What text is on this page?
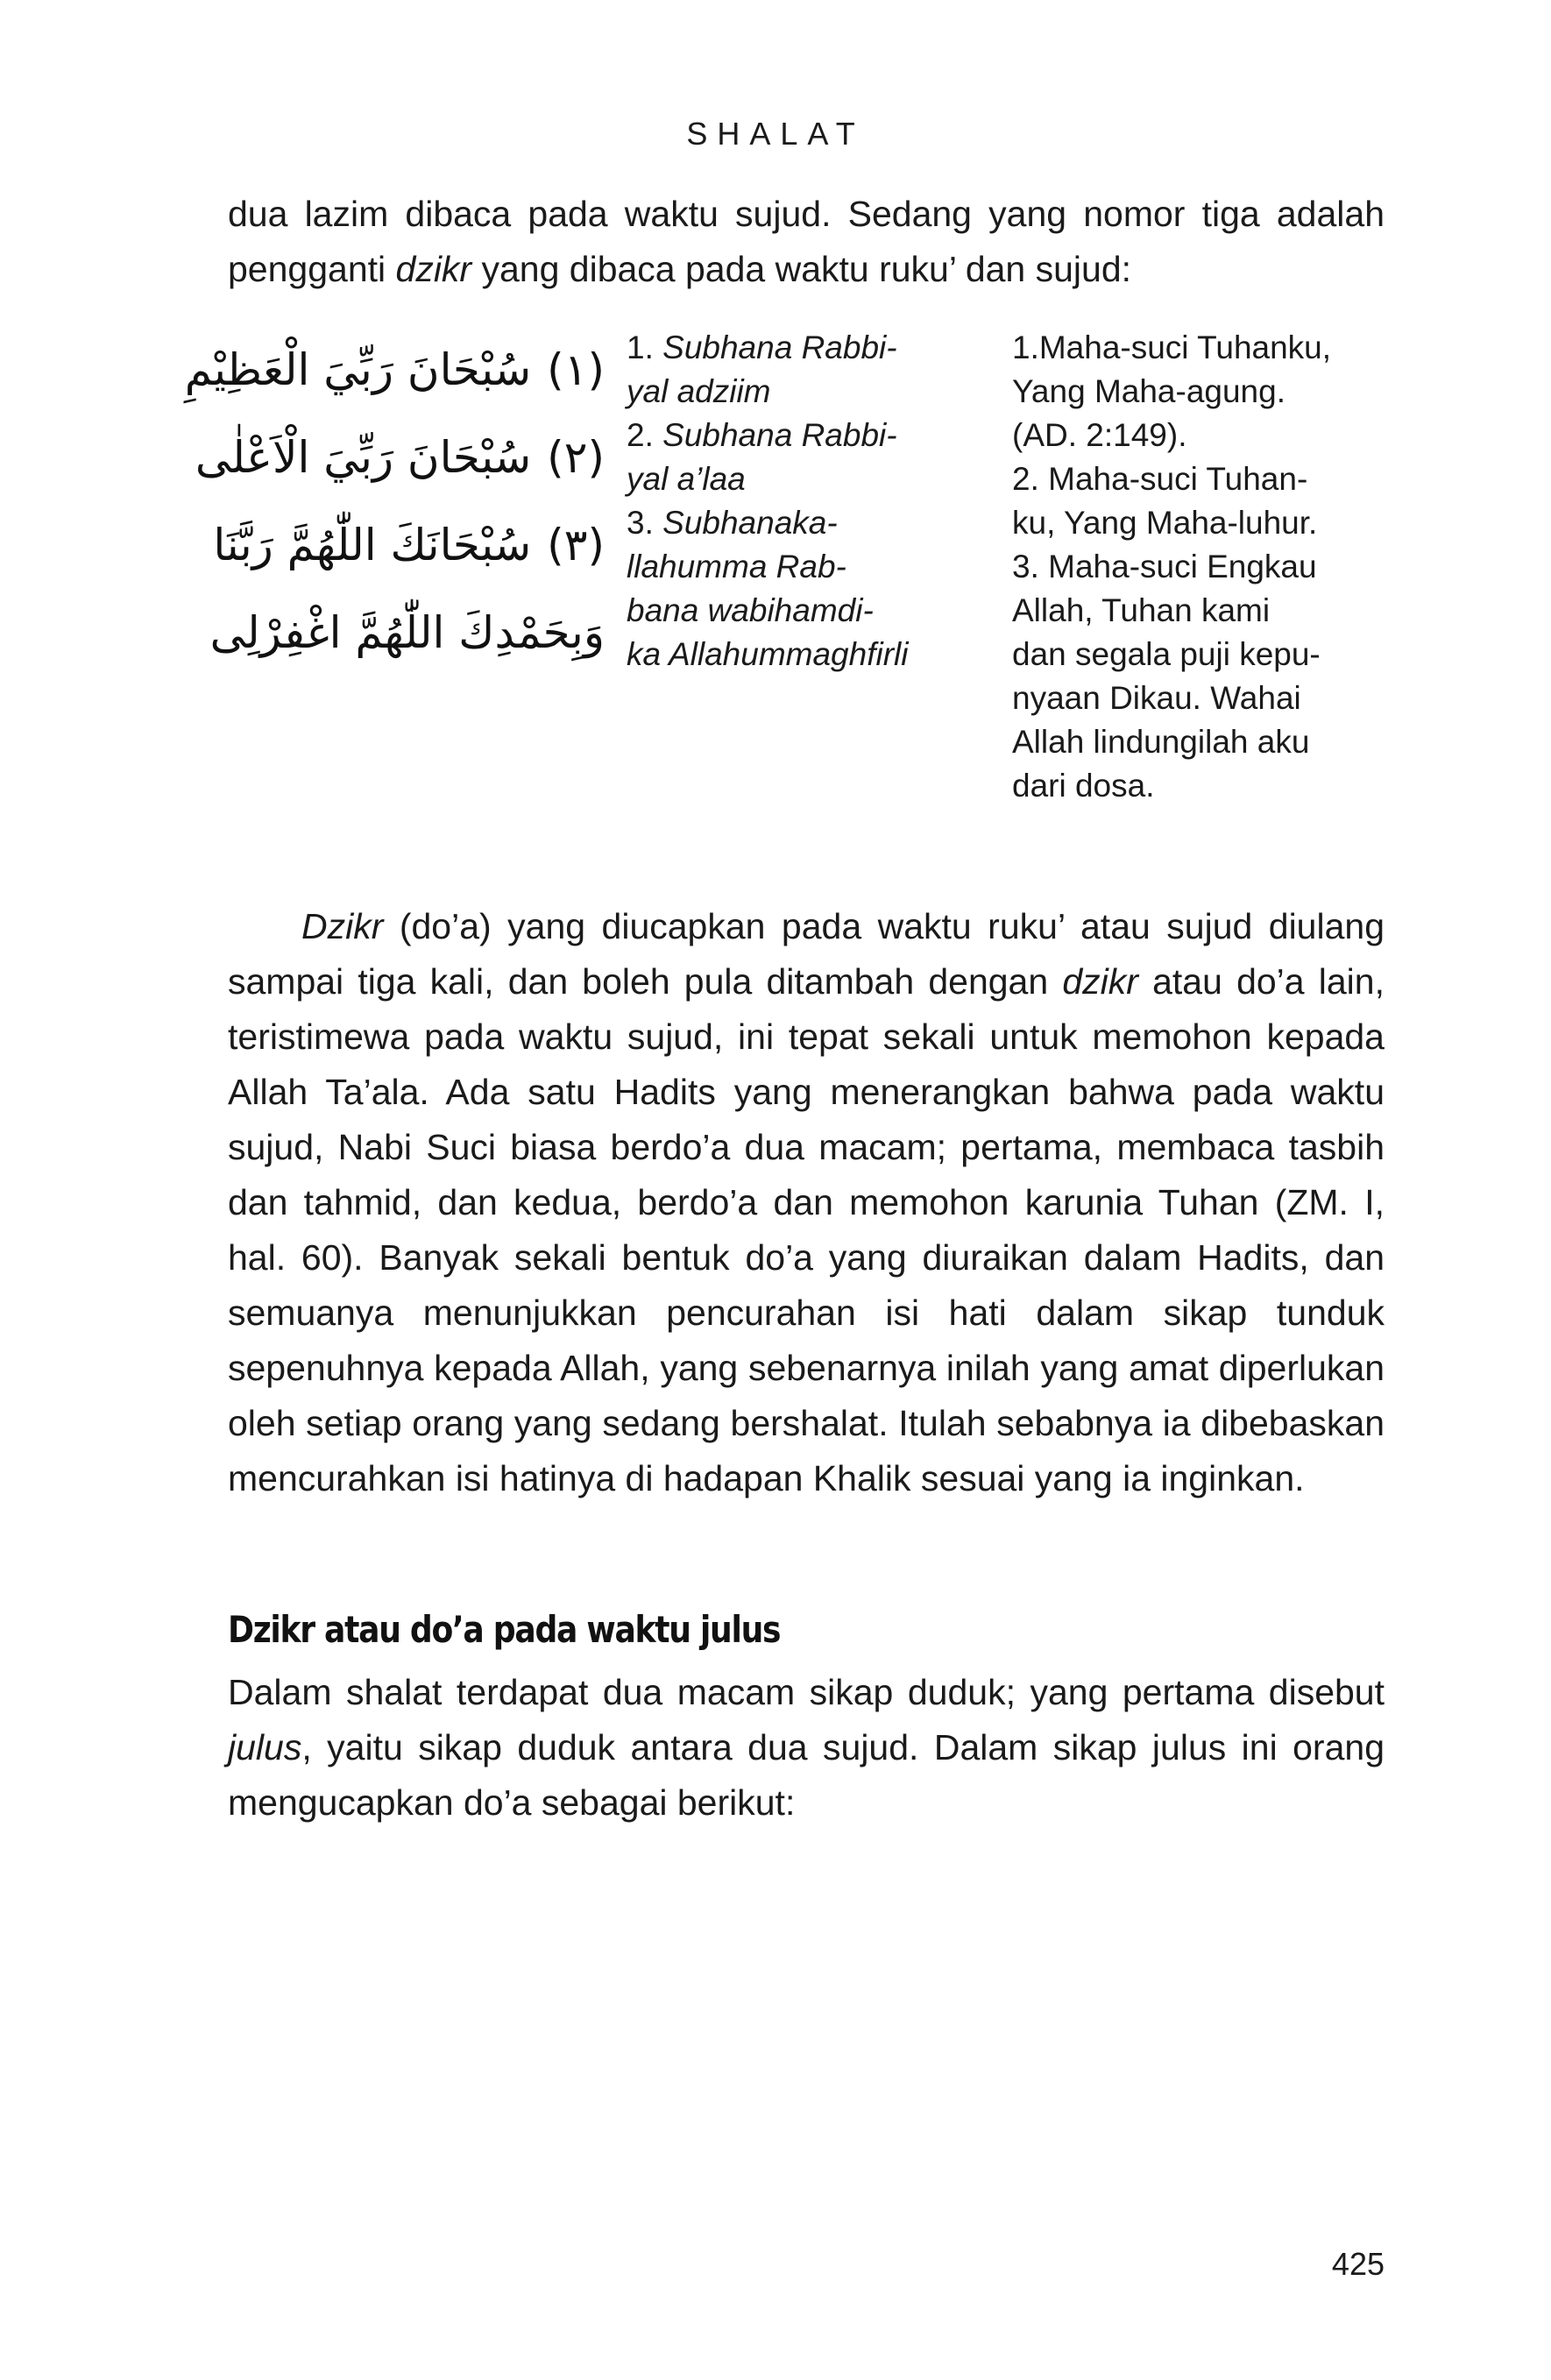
SHALAT

dua lazim dibaca pada waktu sujud. Sedang yang nomor tiga adalah pengganti dzikr yang dibaca pada waktu ruku’ dan sujud:

(١)سُبْحَانَ رَبِّيَ الْعَظِيْمِ
(٢)سُبْحَانَ رَبِّيَ الْاَعْلٰى
(٣)سُبْحَانَكَ اللّٰهُمَّ رَبَّنَا
وَبِحَمْدِكَ اللّٰهُمَّ اغْفِرْلِى
1. Subhana Rabbi-
yal adziim
2. Subhana Rabbi-
yal a’laa
3. Subhanaka-
llahumma Rab-
bana wabihamdi-
ka Allahummaghfirli
1.Maha-suci Tuhanku,
Yang Maha-agung.
(AD. 2:149).
2. Maha-suci Tuhan-
ku, Yang Maha-luhur.
3. Maha-suci Engkau
Allah, Tuhan kami
dan segala puji kepu-
nyaan Dikau. Wahai
Allah lindungilah aku
dari dosa.

Dzikr (do’a) yang diucapkan pada waktu ruku’ atau sujud diulang sampai tiga kali, dan boleh pula ditambah dengan dzikr atau do’a lain, teristimewa pada waktu sujud, ini tepat sekali untuk memohon kepada Allah Ta’ala. Ada satu Hadits yang menerangkan bahwa pada waktu sujud, Nabi Suci biasa berdo’a dua macam; pertama, membaca tasbih dan tahmid, dan kedua, berdo’a dan memohon karunia Tuhan (ZM. I, hal. 60). Banyak sekali bentuk do’a yang diuraikan dalam Hadits, dan semuanya menunjukkan pencurahan isi hati dalam sikap tunduk sepenuhnya kepada Allah, yang sebenarnya inilah yang amat diperlukan oleh setiap orang yang sedang bershalat. Itulah sebabnya ia dibebaskan mencurahkan isi hatinya di hadapan Khalik sesuai yang ia inginkan.

Dzikr atau do’a pada waktu julus

Dalam shalat terdapat dua macam sikap duduk; yang pertama disebut julus, yaitu sikap duduk antara dua sujud. Dalam sikap julus ini orang mengucapkan do’a sebagai berikut:

425
